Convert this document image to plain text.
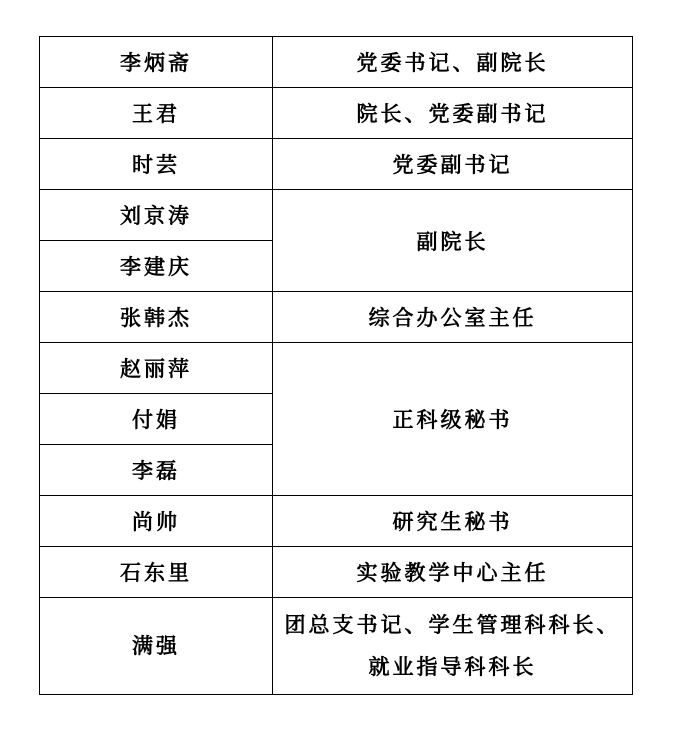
李炳斋	党委书记、副院长
王君	院长、党委副书记
时芸	党委副书记
刘京涛	副院长
李建庆	
张韩杰	综合办公室主任
赵丽萍	正科级秘书
付娟	
李磊	
尚帅	研究生秘书
石东里	实验教学中心主任
满强	团总支书记、学生管理科科长、
就业指导科科长
